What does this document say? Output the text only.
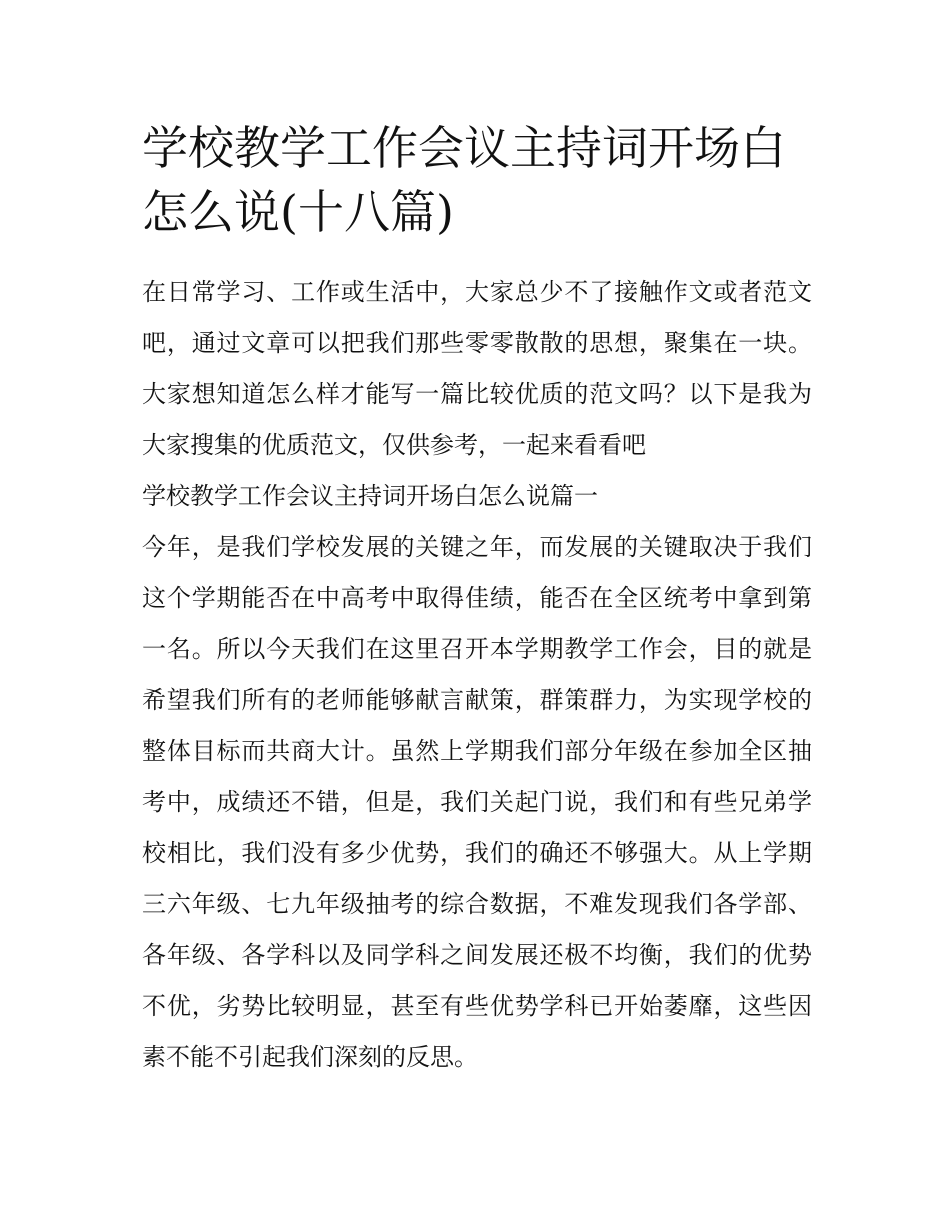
学校教学工作会议主持词开场白怎么说(十八篇)

在日常学习、工作或生活中，大家总少不了接触作文或者范文吧，通过文章可以把我们那些零零散散的思想，聚集在一块。大家想知道怎么样才能写一篇比较优质的范文吗？以下是我为大家搜集的优质范文，仅供参考，一起来看看吧

学校教学工作会议主持词开场白怎么说篇一

今年，是我们学校发展的关键之年，而发展的关键取决于我们这个学期能否在中高考中取得佳绩，能否在全区统考中拿到第一名。所以今天我们在这里召开本学期教学工作会，目的就是希望我们所有的老师能够献言献策，群策群力，为实现学校的整体目标而共商大计。虽然上学期我们部分年级在参加全区抽考中，成绩还不错，但是，我们关起门说，我们和有些兄弟学校相比，我们没有多少优势，我们的确还不够强大。从上学期三六年级、七九年级抽考的综合数据，不难发现我们各学部、各年级、各学科以及同学科之间发展还极不均衡，我们的优势不优，劣势比较明显，甚至有些优势学科已开始萎靡，这些因素不能不引起我们深刻的反思。
